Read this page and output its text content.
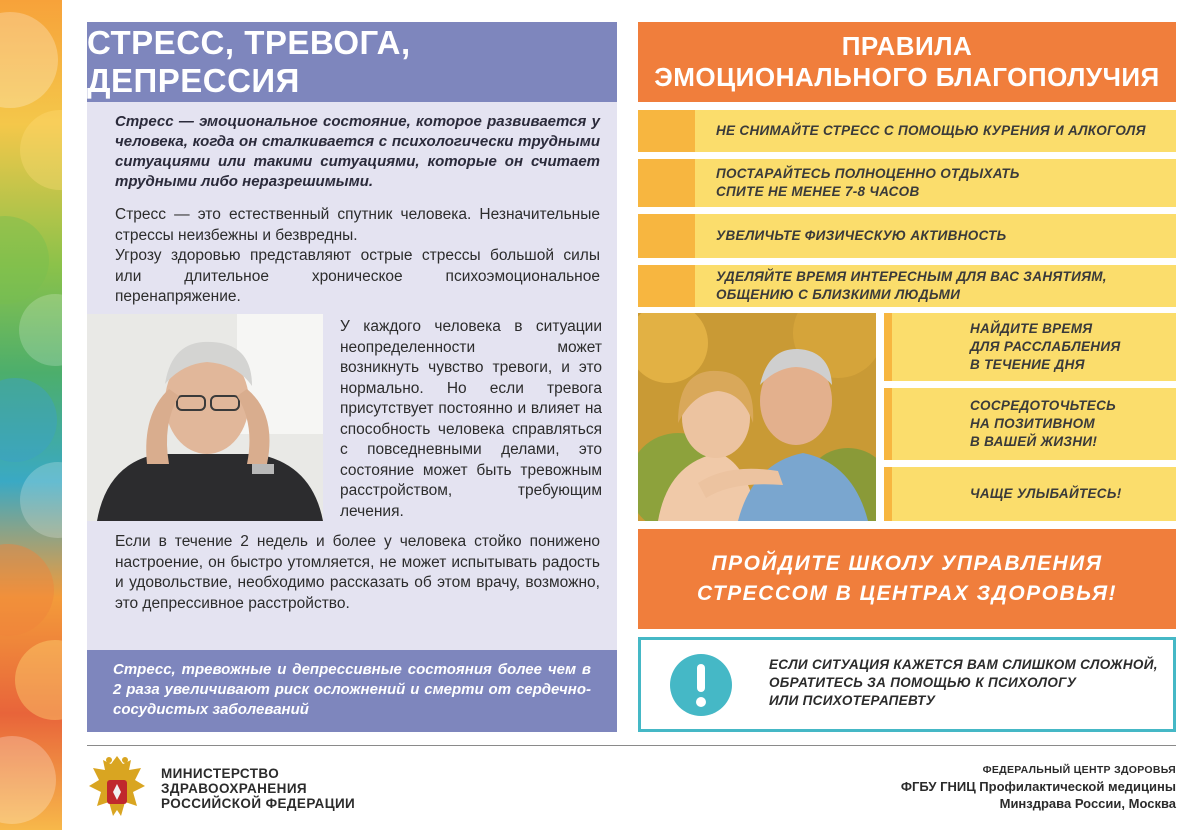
СТРЕСС, ТРЕВОГА, ДЕПРЕССИЯ

Стресс — эмоциональное состояние, которое развивается у человека, когда он сталкивается с психологически трудными ситуациями или такими ситуациями, которые он считает трудными либо неразрешимыми.

Стресс — это естественный спутник человека. Незначительные стрессы неизбежны и безвредны.

Угрозу здоровью представляют острые стрессы большой силы или длительное хроническое психоэмоциональное перенапряжение.

У каждого человека в ситуации неопределенности может возникнуть чувство тревоги, и это нормально. Но если тревога присутствует постоянно и влияет на способность человека справляться с повседневными делами, это состояние может быть тревожным расстройством, требующим лечения.

Если в течение 2 недель и более у человека стойко понижено настроение, он быстро утомляется, не может испытывать радость и удовольствие, необходимо рассказать об этом врачу, возможно, это депрессивное расстройство.

Стресс, тревожные и депрессивные состояния более чем в 2 раза увеличивают риск осложнений и смерти от сердечно-сосудистых заболеваний
ПРАВИЛА
ЭМОЦИОНАЛЬНОГО БЛАГОПОЛУЧИЯ
НЕ СНИМАЙТЕ СТРЕСС С ПОМОЩЬЮ КУРЕНИЯ И АЛКОГОЛЯ
ПОСТАРАЙТЕСЬ ПОЛНОЦЕННО ОТДЫХАТЬ
СПИТЕ НЕ МЕНЕЕ 7-8 ЧАСОВ
УВЕЛИЧЬТЕ ФИЗИЧЕСКУЮ АКТИВНОСТЬ
УДЕЛЯЙТЕ ВРЕМЯ ИНТЕРЕСНЫМ ДЛЯ ВАС ЗАНЯТИЯМ,
ОБЩЕНИЮ С БЛИЗКИМИ ЛЮДЬМИ
НАЙДИТЕ ВРЕМЯ
ДЛЯ РАССЛАБЛЕНИЯ
В ТЕЧЕНИЕ ДНЯ
СОСРЕДОТОЧЬТЕСЬ
НА ПОЗИТИВНОМ
В ВАШЕЙ ЖИЗНИ!
ЧАЩЕ УЛЫБАЙТЕСЬ!
ПРОЙДИТЕ ШКОЛУ УПРАВЛЕНИЯ
СТРЕССОМ В ЦЕНТРАХ ЗДОРОВЬЯ!
ЕСЛИ СИТУАЦИЯ КАЖЕТСЯ ВАМ СЛИШКОМ СЛОЖНОЙ,
ОБРАТИТЕСЬ ЗА ПОМОЩЬЮ К ПСИХОЛОГУ
ИЛИ ПСИХОТЕРАПЕВТУ
МИНИСТЕРСТВО
ЗДРАВООХРАНЕНИЯ
РОССИЙСКОЙ ФЕДЕРАЦИИ
ФЕДЕРАЛЬНЫЙ ЦЕНТР ЗДОРОВЬЯ
ФГБУ ГНИЦ Профилактической медицины
Минздрава России, Москва
